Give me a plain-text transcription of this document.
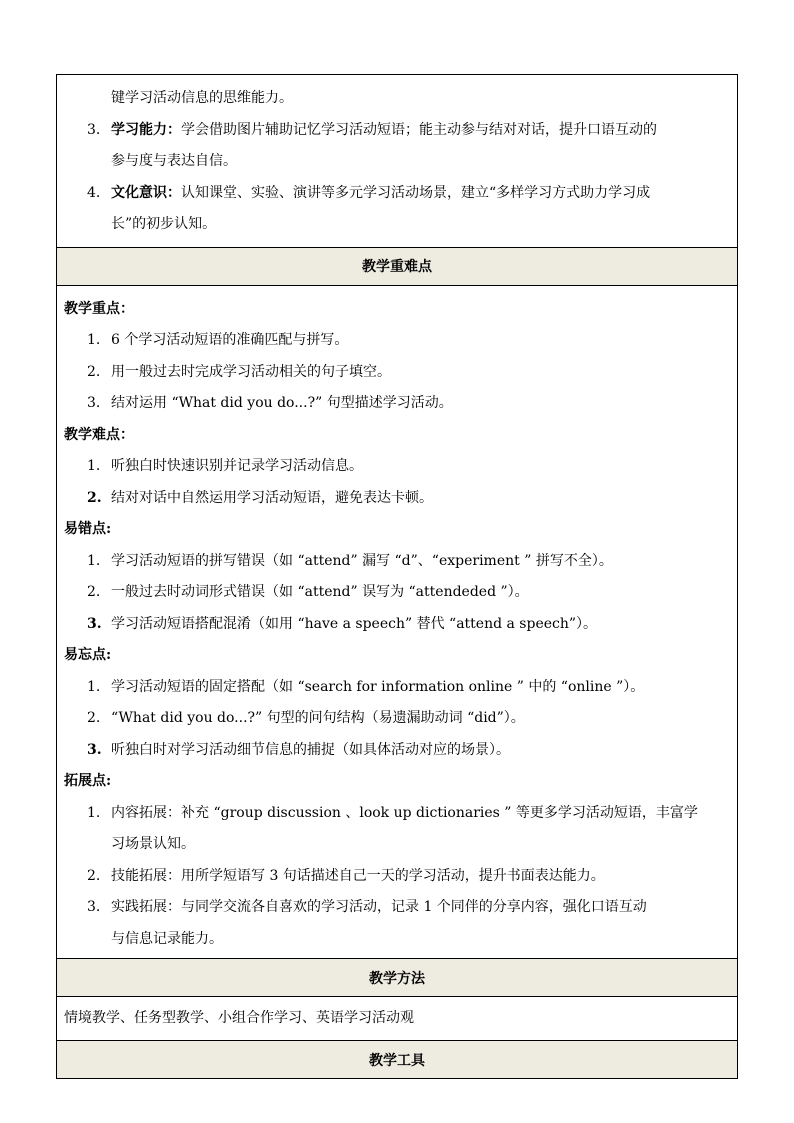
键学习活动信息的思维能力。
3. 学习能力：学会借助图片辅助记忆学习活动短语；能主动参与结对对话，提升口语互动的
参与度与表达自信。
4. 文化意识：认知课堂、实验、演讲等多元学习活动场景，建立“多样学习方式助力学习成
长”的初步认知。

教学重难点

教学重点：
1. 6 个学习活动短语的准确匹配与拼写。
2. 用一般过去时完成学习活动相关的句子填空。
3. 结对运用 “What did you do...?” 句型描述学习活动。
教学难点：
1. 听独白时快速识别并记录学习活动信息。
2. 结对对话中自然运用学习活动短语，避免表达卡顿。
易错点:
1. 学习活动短语的拼写错误（如 “attend” 漏写 “d”、“experiment ” 拼写不全）。
2. 一般过去时动词形式错误（如 “attend” 误写为 “attendeded ”）。
3. 学习活动短语搭配混淆（如用 “have a speech” 替代 “attend a speech”）。
易忘点:
1. 学习活动短语的固定搭配（如 “search for information online ” 中的 “online ”）。
2. “What did you do...?” 句型的问句结构（易遗漏助动词 “did”）。
3. 听独白时对学习活动细节信息的捕捉（如具体活动对应的场景）。
拓展点:
1. 内容拓展：补充 “group discussion 、look up dictionaries ” 等更多学习活动短语，丰富学
习场景认知。
2. 技能拓展：用所学短语写 3 句话描述自己一天的学习活动，提升书面表达能力。
3. 实践拓展：与同学交流各自喜欢的学习活动，记录 1 个同伴的分享内容，强化口语互动
与信息记录能力。

教学方法

情境教学、任务型教学、小组合作学习、英语学习活动观

教学工具
